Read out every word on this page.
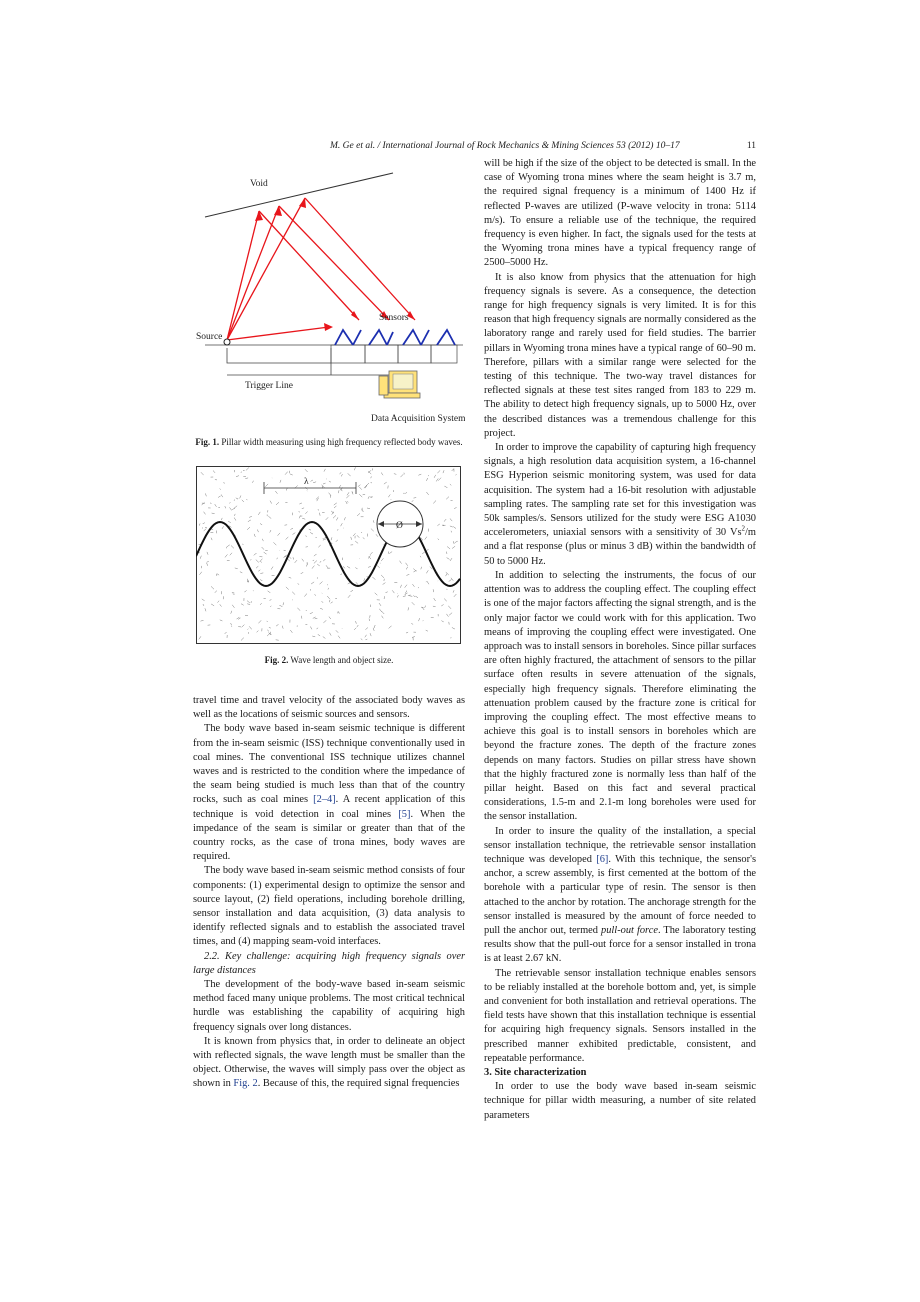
M. Ge et al. / International Journal of Rock Mechanics & Mining Sciences 53 (2012) 10–17	11
Void
Sensors
Source
Trigger Line
Data Acquisition System
Fig. 1. Pillar width measuring using high frequency reflected body waves.
λ
Ø
Fig. 2. Wave length and object size.

travel time and travel velocity of the associated body waves as well as the locations of seismic sources and sensors.

The body wave based in-seam seismic technique is different from the in-seam seismic (ISS) technique conventionally used in coal mines. The conventional ISS technique utilizes channel waves and is restricted to the condition where the impedance of the seam being studied is much less than that of the country rocks, such as coal mines [2–4]. A recent application of this technique is void detection in coal mines [5]. When the impedance of the seam is similar or greater than that of the country rocks, as the case of trona mines, body waves are required.

The body wave based in-seam seismic method consists of four components: (1) experimental design to optimize the sensor and source layout, (2) field operations, including borehole drilling, sensor installation and data acquisition, (3) data analysis to identify reflected signals and to establish the associated travel times, and (4) mapping seam-void interfaces.

2.2. Key challenge: acquiring high frequency signals over large distances

The development of the body-wave based in-seam seismic method faced many unique problems. The most critical technical hurdle was establishing the capability of acquiring high frequency signals over long distances.

It is known from physics that, in order to delineate an object with reflected signals, the wave length must be smaller than the object. Otherwise, the waves will simply pass over the object as shown in Fig. 2. Because of this, the required signal frequencies

will be high if the size of the object to be detected is small. In the case of Wyoming trona mines where the seam height is 3.7 m, the required signal frequency is a minimum of 1400 Hz if reflected P-waves are utilized (P-wave velocity in trona: 5114 m/s). To ensure a reliable use of the technique, the required frequency is even higher. In fact, the signals used for the tests at the Wyoming trona mines have a typical frequency range of 2500–5000 Hz.

It is also know from physics that the attenuation for high frequency signals is severe. As a consequence, the detection range for high frequency signals is very limited. It is for this reason that high frequency signals are normally considered as the laboratory range and rarely used for field studies. The barrier pillars in Wyoming trona mines have a typical range of 60–90 m. Therefore, pillars with a similar range were selected for the testing of this technique. The two-way travel distances for reflected signals at these test sites ranged from 183 to 229 m. The ability to detect high frequency signals, up to 5000 Hz, over the described distances was a tremendous challenge for this project.

In order to improve the capability of capturing high frequency signals, a high resolution data acquisition system, a 16-channel ESG Hyperion seismic monitoring system, was used for data acquisition. The system had a 16-bit resolution with adjustable sampling rates. The sampling rate set for this investigation was 50k samples/s. Sensors utilized for the study were ESG A1030 accelerometers, uniaxial sensors with a sensitivity of 30 Vs$^2$/m and a flat response (plus or minus 3 dB) within the bandwidth of 50 to 5000 Hz.

In addition to selecting the instruments, the focus of our attention was to address the coupling effect. The coupling effect is one of the major factors affecting the signal strength, and is the only major factor we could work with for this application. Two means of improving the coupling effect were investigated. One approach was to install sensors in boreholes. Since pillar surfaces are often highly fractured, the attachment of sensors to the pillar surface often results in severe attenuation of the signals, especially high frequency signals. Therefore eliminating the attenuation problem caused by the fracture zone is critical for improving the coupling effect. The most effective means to achieve this goal is to install sensors in boreholes which are beyond the fracture zones. The depth of the fracture zones depends on many factors. Studies on pillar stress have shown that the highly fractured zone is normally less than half of the pillar height. Based on this fact and several practical considerations, 1.5-m and 2.1-m long boreholes were used for the sensor installation.

In order to insure the quality of the installation, a special sensor installation technique, the retrievable sensor installation technique was developed [6]. With this technique, the sensor's anchor, a screw assembly, is first cemented at the bottom of the borehole with a particular type of resin. The sensor is then attached to the anchor by rotation. The anchorage strength for the sensor installed is measured by the amount of force needed to pull the anchor out, termed pull-out force. The laboratory testing results show that the pull-out force for a sensor installed in trona is at least 2.67 kN.

The retrievable sensor installation technique enables sensors to be reliably installed at the borehole bottom and, yet, is simple and convenient for both installation and retrieval operations. The field tests have shown that this installation technique is essential for acquiring high frequency signals. Sensors installed in the prescribed manner exhibited predictable, consistent, and repeatable performance.

3. Site characterization

In order to use the body wave based in-seam seismic technique for pillar width measuring, a number of site related parameters
